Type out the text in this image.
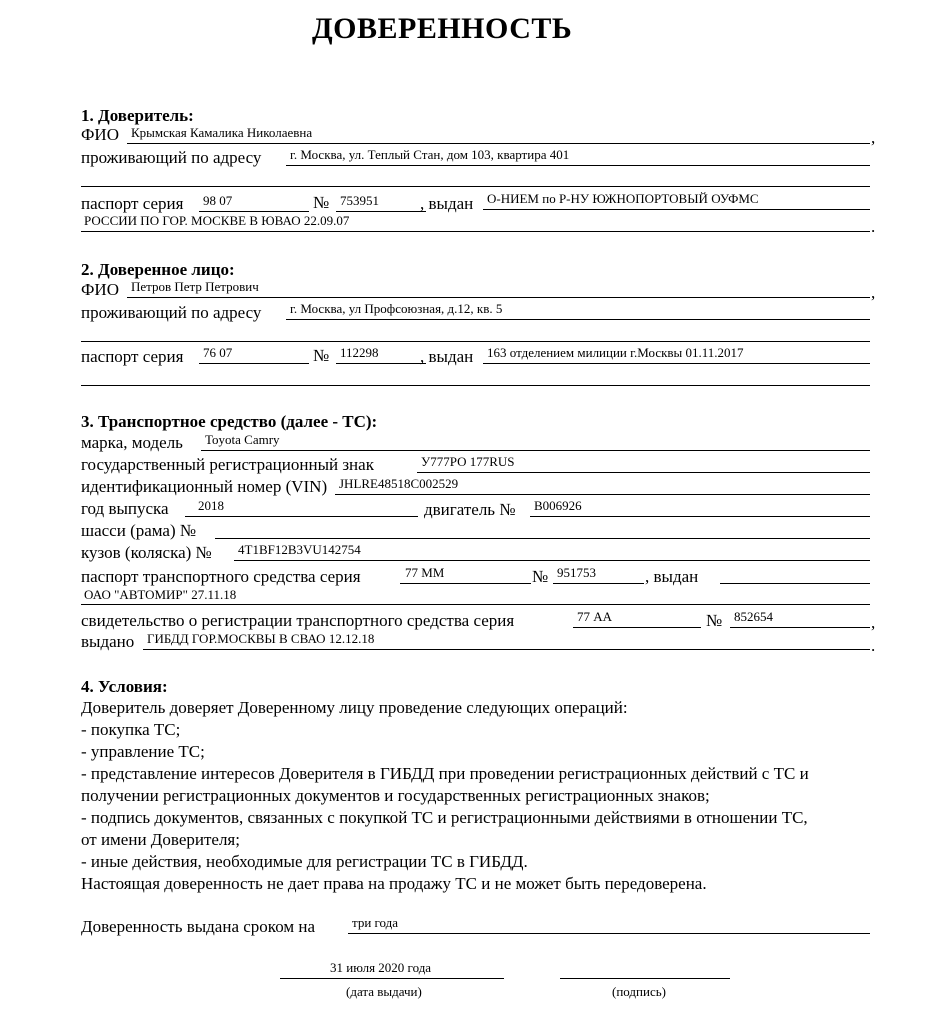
ДОВЕРЕННОСТЬ
1. Доверитель:
ФИО Крымская Камалика Николаевна	,
проживающий по адресу г. Москва, ул. Теплый Стан, дом 103, квартира 401
паспорт серия 98 07	№ 753951 , выдан О-НИЕМ по Р-НУ ЮЖНОПОРТОВЫЙ ОУФМС
РОССИИ ПО ГОР. МОСКВЕ В ЮВАО 22.09.07	.
2. Доверенное лицо:
ФИО Петров Петр Петрович	,
проживающий по адресу г. Москва, ул Профсоюзная, д.12, кв. 5
паспорт серия 76 07	№ 112298 , выдан 163 отделением милиции г.Москвы 01.11.2017
3. Транспортное средство (далее - ТС):
марка, модель Toyota Camry
государственный регистрационный знак	У777РО 177RUS
идентификационный номер (VIN) JHLRE48518C002529
год выпуска 2018	двигатель № В006926
шасси (рама) №
кузов (коляска) № 4T1BF12B3VU142754
паспорт транспортного средства серия	77 ММ	№ 951753	, выдан
ОАО "АВТОМИР" 27.11.18
свидетельство о регистрации транспортного средства серия	77 АА	№ 852654	,
выдано ГИБДД ГОР.МОСКВЫ В СВАО 12.12.18	.
4. Условия:
Доверитель доверяет Доверенному лицу проведение следующих операций:
- покупка ТС;
- управление ТС;
- представление интересов Доверителя в ГИБДД при проведении регистрационных действий с ТС и
получении регистрационных документов и государственных регистрационных знаков;
- подпись документов, связанных с покупкой ТС и регистрационными действиями в отношении ТС,
от имени Доверителя;
- иные действия, необходимые для регистрации ТС в ГИБДД.
Настоящая доверенность не дает права на продажу ТС и не может быть передоверена.
Доверенность выдана сроком на	три года
31 июля 2020 года
(дата выдачи)	(подпись)
